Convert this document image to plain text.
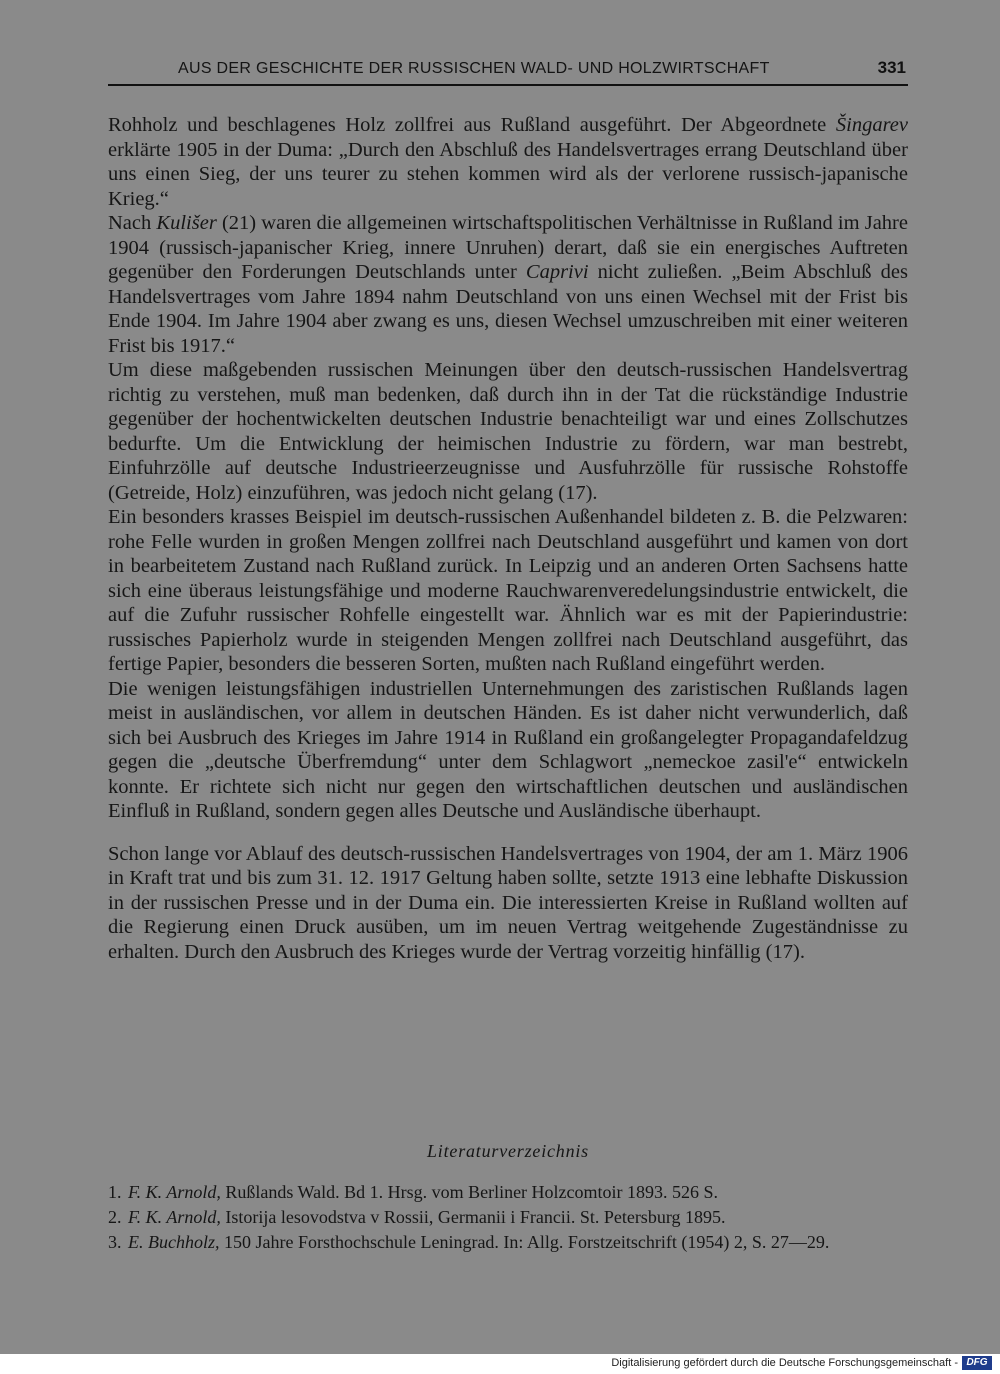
AUS DER GESCHICHTE DER RUSSISCHEN WALD- UND HOLZWIRTSCHAFT	331

Rohholz und beschlagenes Holz zollfrei aus Rußland ausgeführt. Der Abgeordnete Šingarev erklärte 1905 in der Duma: „Durch den Abschluß des Handelsvertrages errang Deutschland über uns einen Sieg, der uns teurer zu stehen kommen wird als der verlorene russisch-japanische Krieg.“

Nach Kulišer (21) waren die allgemeinen wirtschaftspolitischen Verhältnisse in Rußland im Jahre 1904 (russisch-japanischer Krieg, innere Unruhen) derart, daß sie ein energisches Auftreten gegenüber den Forderungen Deutschlands unter Caprivi nicht zuließen. „Beim Abschluß des Handelsvertrages vom Jahre 1894 nahm Deutschland von uns einen Wechsel mit der Frist bis Ende 1904. Im Jahre 1904 aber zwang es uns, diesen Wechsel umzuschreiben mit einer weiteren Frist bis 1917.“

Um diese maßgebenden russischen Meinungen über den deutsch-russischen Handelsvertrag richtig zu verstehen, muß man bedenken, daß durch ihn in der Tat die rückständige Industrie gegenüber der hochentwickelten deutschen Industrie benachteiligt war und eines Zollschutzes bedurfte. Um die Entwicklung der heimischen Industrie zu fördern, war man bestrebt, Einfuhrzölle auf deutsche Industrieerzeugnisse und Ausfuhrzölle für russische Rohstoffe (Getreide, Holz) einzuführen, was jedoch nicht gelang (17).

Ein besonders krasses Beispiel im deutsch-russischen Außenhandel bildeten z. B. die Pelzwaren: rohe Felle wurden in großen Mengen zollfrei nach Deutschland ausgeführt und kamen von dort in bearbeitetem Zustand nach Rußland zurück. In Leipzig und an anderen Orten Sachsens hatte sich eine überaus leistungsfähige und moderne Rauchwarenveredelungsindustrie entwickelt, die auf die Zufuhr russischer Rohfelle eingestellt war. Ähnlich war es mit der Papierindustrie: russisches Papierholz wurde in steigenden Mengen zollfrei nach Deutschland ausgeführt, das fertige Papier, besonders die besseren Sorten, mußten nach Rußland eingeführt werden.

Die wenigen leistungsfähigen industriellen Unternehmungen des zaristischen Rußlands lagen meist in ausländischen, vor allem in deutschen Händen. Es ist daher nicht verwunderlich, daß sich bei Ausbruch des Krieges im Jahre 1914 in Rußland ein großangelegter Propagandafeldzug gegen die „deutsche Überfremdung“ unter dem Schlagwort „nemeckoe zasil'e“ entwickeln konnte. Er richtete sich nicht nur gegen den wirtschaftlichen deutschen und ausländischen Einfluß in Rußland, sondern gegen alles Deutsche und Ausländische überhaupt.

Schon lange vor Ablauf des deutsch-russischen Handelsvertrages von 1904, der am 1. März 1906 in Kraft trat und bis zum 31. 12. 1917 Geltung haben sollte, setzte 1913 eine lebhafte Diskussion in der russischen Presse und in der Duma ein. Die interessierten Kreise in Rußland wollten auf die Regierung einen Druck ausüben, um im neuen Vertrag weitgehende Zugeständnisse zu erhalten. Durch den Ausbruch des Krieges wurde der Vertrag vorzeitig hinfällig (17).

Literaturverzeichnis
1. F. K. Arnold, Rußlands Wald. Bd 1. Hrsg. vom Berliner Holzcomtoir 1893. 526 S.
2. F. K. Arnold, Istorija lesovodstva v Rossii, Germanii i Francii. St. Petersburg 1895.
3. E. Buchholz, 150 Jahre Forsthochschule Leningrad. In: Allg. Forstzeitschrift (1954) 2, S. 27—29.
Digitalisierung gefördert durch die Deutsche Forschungsgemeinschaft - DFG
